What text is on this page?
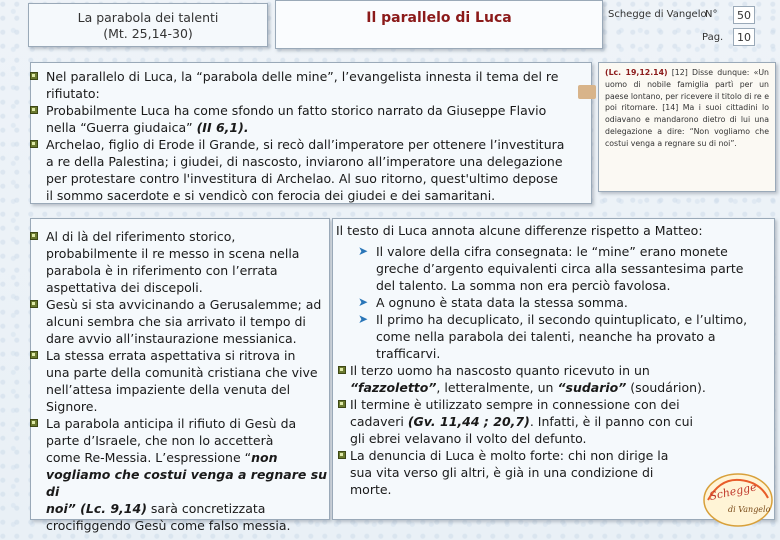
La parabola dei talenti
(Mt. 25,14-30)
Il parallelo di Luca	Schegge di Vangelo
N°	50
Pag.	10
Nel parallelo di Luca, la “parabola delle mine”, l’evangelista innesta il tema del re
rifiutato:
Probabilmente Luca ha come sfondo un fatto storico narrato da Giuseppe Flavio
nella “Guerra giudaica” (II 6,1).
Archelao, figlio di Erode il Grande, si recò dall’imperatore per ottenere l’investitura
a re della Palestina; i giudei, di nascosto, inviarono all’imperatore una delegazione
per protestare contro l'investitura di Archelao. Al suo ritorno, quest'ultimo depose
il sommo sacerdote e si vendicò con ferocia dei giudei e dei samaritani.
(Lc. 19,12.14) [12] Disse dunque: «Un uomo di nobile famiglia partì per un paese lontano, per ricevere il titolo di re e poi ritornare. [14] Ma i suoi cittadini lo odiavano e mandarono dietro di lui una delegazione a dire: “Non vogliamo che costui venga a regnare su di noi”.
Al di là del riferimento storico,
probabilmente il re messo in scena nella
parabola è in riferimento con l’errata
aspettativa dei discepoli.
Gesù si sta avvicinando a Gerusalemme; ad
alcuni sembra che sia arrivato il tempo di
dare avvio all’instaurazione messianica.
La stessa errata aspettativa si ritrova in
una parte della comunità cristiana che vive
nell’attesa impaziente della venuta del
Signore.
La parabola anticipa il rifiuto di Gesù da
parte d’Israele, che non lo accetterà
come Re-Messia. L’espressione “non
vogliamo che costui venga a regnare su di
noi” (Lc. 9,14) sarà concretizzata
crocifiggendo Gesù come falso messia.
Il testo di Luca annota alcune differenze rispetto a Matteo:
➤ Il valore della cifra consegnata: le “mine” erano monete
greche d’argento equivalenti circa alla sessantesima parte
del talento. La somma non era perciò favolosa.
➤ A ognuno è stata data la stessa somma.
➤ Il primo ha decuplicato, il secondo quintuplicato, e l’ultimo,
come nella parabola dei talenti, neanche ha provato a
trafficarvi.
Il terzo uomo ha nascosto quanto ricevuto in un
“fazzoletto”, letteralmente, un “sudario” (soudárion).
Il termine è utilizzato sempre in connessione con dei
cadaveri (Gv. 11,44 ; 20,7). Infatti, è il panno con cui
gli ebrei velavano il volto del defunto.
La denuncia di Luca è molto forte: chi non dirige la
sua vita verso gli altri, è già in una condizione di
morte.	Schegge
di Vangelo
